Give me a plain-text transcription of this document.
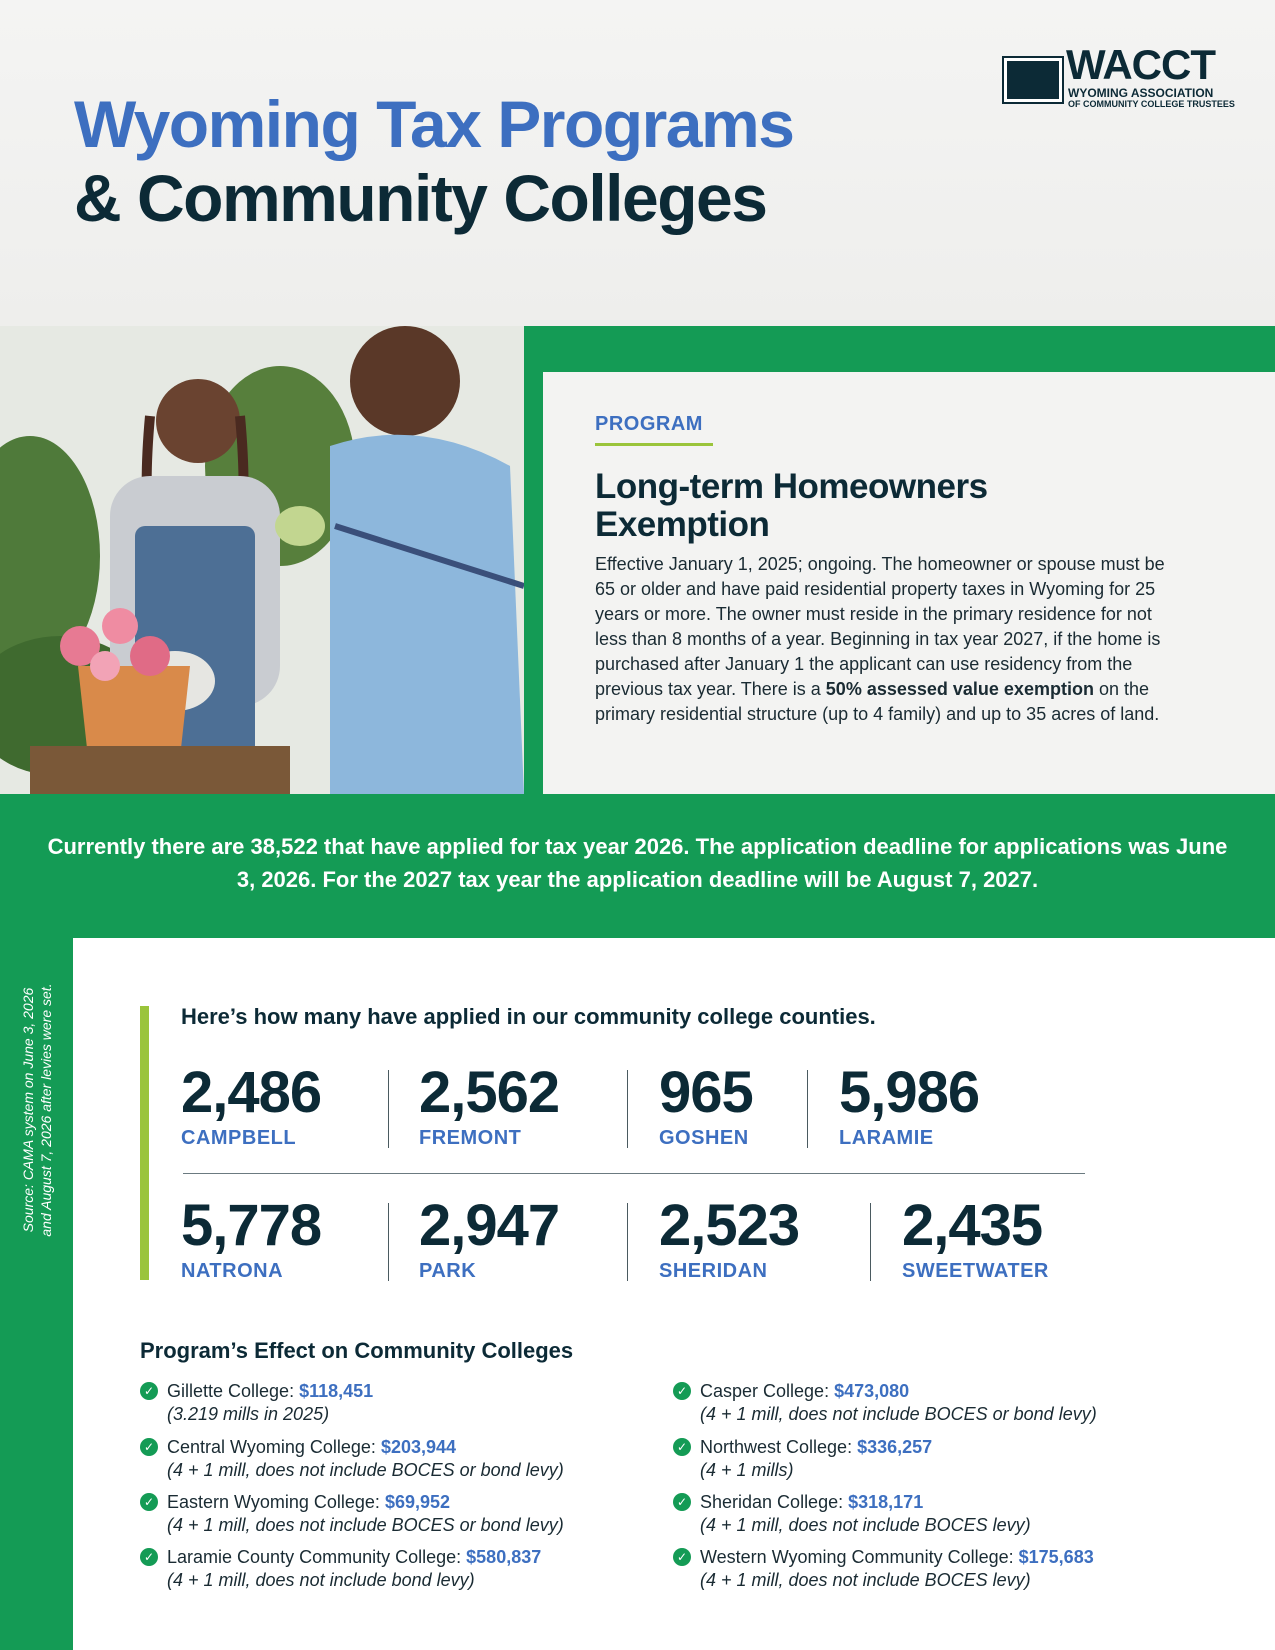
Wyoming Tax Programs
& Community Colleges
WACCT
WYOMING ASSOCIATION
OF COMMUNITY COLLEGE TRUSTEES
PROGRAM
Long-term Homeowners Exemption
Effective January 1, 2025; ongoing. The homeowner or spouse must be 65 or older and have paid residential property taxes in Wyoming for 25 years or more. The owner must reside in the primary residence for not less than 8 months of a year. Beginning in tax year 2027, if the home is purchased after January 1 the applicant can use residency from the previous tax year. There is a 50% assessed value exemption on the primary residential structure (up to 4 family) and up to 35 acres of land.
Currently there are 38,522 that have applied for tax year 2026. The application deadline for applications was June 3, 2026. For the 2027 tax year the application deadline will be August 7, 2027.
Source: CAMA system on June 3, 2026 and August 7, 2026 after levies were set.	Here’s how many have applied in our community college counties.
2,486
CAMPBELL
2,562
FREMONT
965
GOSHEN
5,986
LARAMIE
5,778
NATRONA
2,947
PARK
2,523
SHERIDAN
2,435
SWEETWATER
Program’s Effect on Community Colleges
✓ Gillette College: $118,451
(3.219 mills in 2025)
✓ Central Wyoming College: $203,944
(4 + 1 mill, does not include BOCES or bond levy)
✓ Eastern Wyoming College: $69,952
(4 + 1 mill, does not include BOCES or bond levy)
✓ Laramie County Community College: $580,837
(4 + 1 mill, does not include bond levy)
✓ Casper College: $473,080
(4 + 1 mill, does not include BOCES or bond levy)
✓ Northwest College: $336,257
(4 + 1 mills)
✓ Sheridan College: $318,171
(4 + 1 mill, does not include BOCES levy)
✓ Western Wyoming Community College: $175,683
(4 + 1 mill, does not include BOCES levy)
